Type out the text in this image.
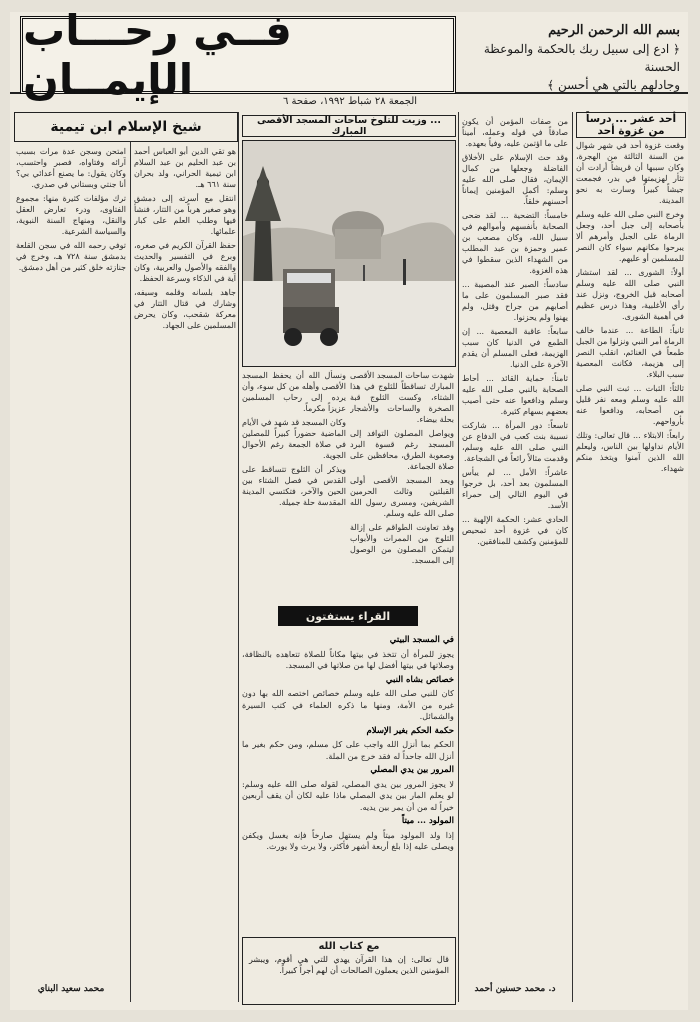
فــي رحـــاب الإيمــان
بسم الله الرحمن الرحيم
﴿ ادع إلى سبيل ربك بالحكمة والموعظة الحسنة
وجادلهم بالتي هي أحسن ﴾
الجمعة ٢٨ شباط ١٩٩٢، صفحة ٦
أحد عشر ... درساً من غزوة أحد

وقعت غزوة أحد في شهر شوال من السنة الثالثة من الهجرة، وكان سببها أن قريشاً أرادت أن تثأر لهزيمتها في بدر، فجمعت جيشاً كبيراً وسارت به نحو المدينة.

وخرج النبي صلى الله عليه وسلم بأصحابه إلى جبل أحد، وجعل الرماة على الجبل وأمرهم ألا يبرحوا مكانهم سواء كان النصر للمسلمين أو عليهم.

أولاً: الشورى ... لقد استشار النبي صلى الله عليه وسلم أصحابه قبل الخروج، ونزل عند رأي الأغلبية، وهذا درس عظيم في أهمية الشورى.

ثانياً: الطاعة ... عندما خالف الرماة أمر النبي ونزلوا من الجبل طمعاً في الغنائم، انقلب النصر إلى هزيمة، فكانت المعصية سبب البلاء.

ثالثاً: الثبات ... ثبت النبي صلى الله عليه وسلم ومعه نفر قليل من أصحابه، ودافعوا عنه بأرواحهم.

رابعاً: الابتلاء ... قال تعالى: وتلك الأيام نداولها بين الناس، وليعلم الله الذين آمنوا ويتخذ منكم شهداء.

من صفات المؤمن أن يكون صادقاً في قوله وعمله، أميناً على ما اؤتمن عليه، وفياً بعهده.

وقد حث الإسلام على الأخلاق الفاضلة وجعلها من كمال الإيمان، فقال صلى الله عليه وسلم: أكمل المؤمنين إيماناً أحسنهم خلقاً.

خامساً: التضحية ... لقد ضحى الصحابة بأنفسهم وأموالهم في سبيل الله، وكان مصعب بن عمير وحمزة بن عبد المطلب من الشهداء الذين سقطوا في هذه الغزوة.

سادساً: الصبر عند المصيبة ... فقد صبر المسلمون على ما أصابهم من جراح وقتل، ولم يهنوا ولم يحزنوا.

سابعاً: عاقبة المعصية ... إن الطمع في الدنيا كان سبب الهزيمة، فعلى المسلم أن يقدم الآخرة على الدنيا.

ثامناً: حماية القائد ... أحاط الصحابة بالنبي صلى الله عليه وسلم ودافعوا عنه حتى أصيب بعضهم بسهام كثيرة.

تاسعاً: دور المرأة ... شاركت نسيبة بنت كعب في الدفاع عن النبي صلى الله عليه وسلم، وقدمت مثالاً رائعاً في الشجاعة.

عاشراً: الأمل ... لم ييأس المسلمون بعد أحد، بل خرجوا في اليوم التالي إلى حمراء الأسد.

الحادي عشر: الحكمة الإلهية ... كان في غزوة أحد تمحيص للمؤمنين وكشف للمنافقين.

د. محمد حسنين أحمد
... وزيت للتلوخ ساحات المسجد الأقصى المبارك

شهدت ساحات المسجد الأقصى المبارك تساقطاً للثلوج في هذا الشتاء، وكست الثلوج قبة الصخرة والساحات والأشجار بحلة بيضاء.

ويواصل المصلون التوافد إلى المسجد رغم قسوة البرد وصعوبة الطرق، محافظين على صلاة الجماعة.

ويعد المسجد الأقصى أولى القبلتين وثالث الحرمين الشريفين، ومسرى رسول الله صلى الله عليه وسلم.

وقد تعاونت الطواقم على إزالة الثلوج من الممرات والأبواب ليتمكن المصلون من الوصول إلى المسجد.

ونسأل الله أن يحفظ المسجد الأقصى وأهله من كل سوء، وأن يرده إلى رحاب المسلمين عزيزاً مكرماً.

وكان المسجد قد شهد في الأيام الماضية حضوراً كبيراً للمصلين في صلاة الجمعة رغم الأحوال الجوية.

ويذكر أن الثلوج تتساقط على القدس في فصل الشتاء بين الحين والآخر، فتكتسي المدينة المقدسة حلة جميلة.

القراء يستفتون
في المسجد البيتي

يجوز للمرأة أن تتخذ في بيتها مكاناً للصلاة تتعاهده بالنظافة، وصلاتها في بيتها أفضل لها من صلاتها في المسجد.

خصائص بشاه النبي

كان للنبي صلى الله عليه وسلم خصائص اختصه الله بها دون غيره من الأمة، ومنها ما ذكره العلماء في كتب السيرة والشمائل.

حكمة الحكم بغير الإسلام

الحكم بما أنزل الله واجب على كل مسلم، ومن حكم بغير ما أنزل الله جاحداً له فقد خرج من الملة.

المرور بين يدي المصلي

لا يجوز المرور بين يدي المصلي، لقوله صلى الله عليه وسلم: لو يعلم المار بين يدي المصلي ماذا عليه لكان أن يقف أربعين خيراً له من أن يمر بين يديه.

المولود ... ميتاً

إذا ولد المولود ميتاً ولم يستهل صارخاً فإنه يغسل ويكفن ويصلى عليه إذا بلغ أربعة أشهر فأكثر، ولا يرث ولا يورث.

مع كتاب الله
قال تعالى: إن هذا القرآن يهدي للتي هي أقوم، ويبشر المؤمنين الذين يعملون الصالحات أن لهم أجراً كبيراً.
شيخ الإسلام ابن تيمية

هو تقي الدين أبو العباس أحمد بن عبد الحليم بن عبد السلام ابن تيمية الحراني، ولد بحران سنة ٦٦١ هـ.

انتقل مع أسرته إلى دمشق وهو صغير هرباً من التتار، فنشأ فيها وطلب العلم على كبار علمائها.

حفظ القرآن الكريم في صغره، وبرع في التفسير والحديث والفقه والأصول والعربية، وكان آية في الذكاء وسرعة الحفظ.

جاهد بلسانه وقلمه وسيفه، وشارك في قتال التتار في معركة شقحب، وكان يحرض المسلمين على الجهاد.

امتحن وسجن عدة مرات بسبب آرائه وفتاواه، فصبر واحتسب، وكان يقول: ما يصنع أعدائي بي؟ أنا جنتي وبستاني في صدري.

ترك مؤلفات كثيرة منها: مجموع الفتاوى، ودرء تعارض العقل والنقل، ومنهاج السنة النبوية، والسياسة الشرعية.

توفي رحمه الله في سجن القلعة بدمشق سنة ٧٢٨ هـ، وخرج في جنازته خلق كثير من أهل دمشق.

محمد سعيد البناي
